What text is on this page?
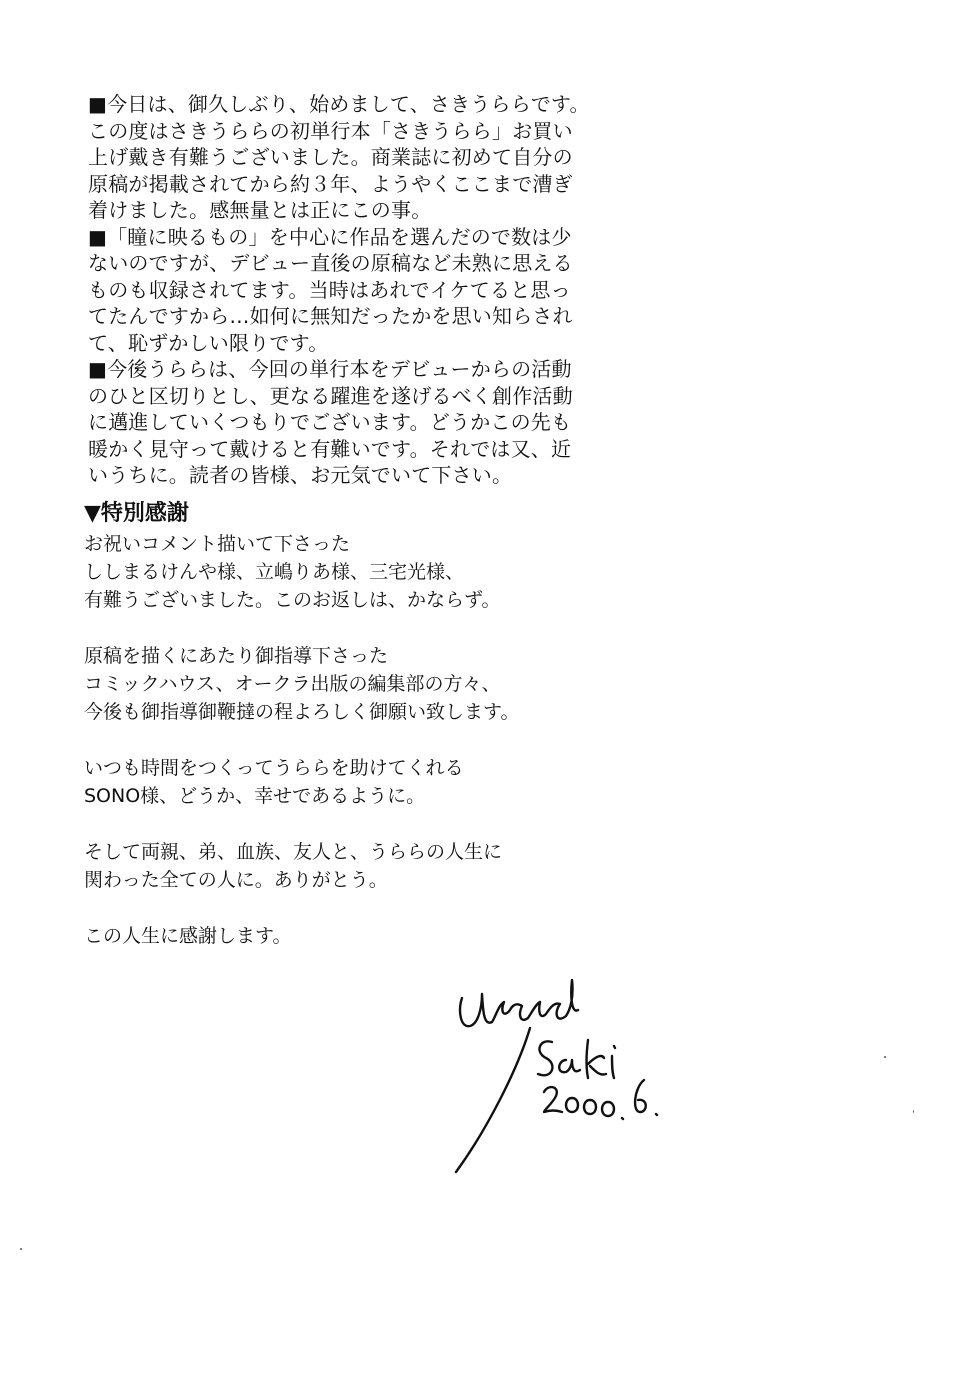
■今日は、御久しぶり、始めまして、さきうららです。
この度はさきうららの初単行本「さきうらら」お買い
上げ戴き有難うございました。商業誌に初めて自分の
原稿が掲載されてから約３年、ようやくここまで漕ぎ
着けました。感無量とは正にこの事。
■「瞳に映るもの」を中心に作品を選んだので数は少
ないのですが、デビュー直後の原稿など未熟に思える
ものも収録されてます。当時はあれでイケてると思っ
てたんですから…如何に無知だったかを思い知らされ
て、恥ずかしい限りです。
■今後うららは、今回の単行本をデビューからの活動
のひと区切りとし、更なる躍進を遂げるべく創作活動
に邁進していくつもりでございます。どうかこの先も
暖かく見守って戴けると有難いです。それでは又、近
いうちに。読者の皆様、お元気でいて下さい。
▼特別感謝
お祝いコメント描いて下さった
ししまるけんや様、立嶋りあ様、三宅光様、
有難うございました。このお返しは、かならず。
原稿を描くにあたり御指導下さった
コミックハウス、オークラ出版の編集部の方々、
今後も御指導御鞭撻の程よろしく御願い致します。
いつも時間をつくってうららを助けてくれる
SONO様、どうか、幸せであるように。
そして両親、弟、血族、友人と、うららの人生に
関わった全ての人に。ありがとう。
この人生に感謝します。
